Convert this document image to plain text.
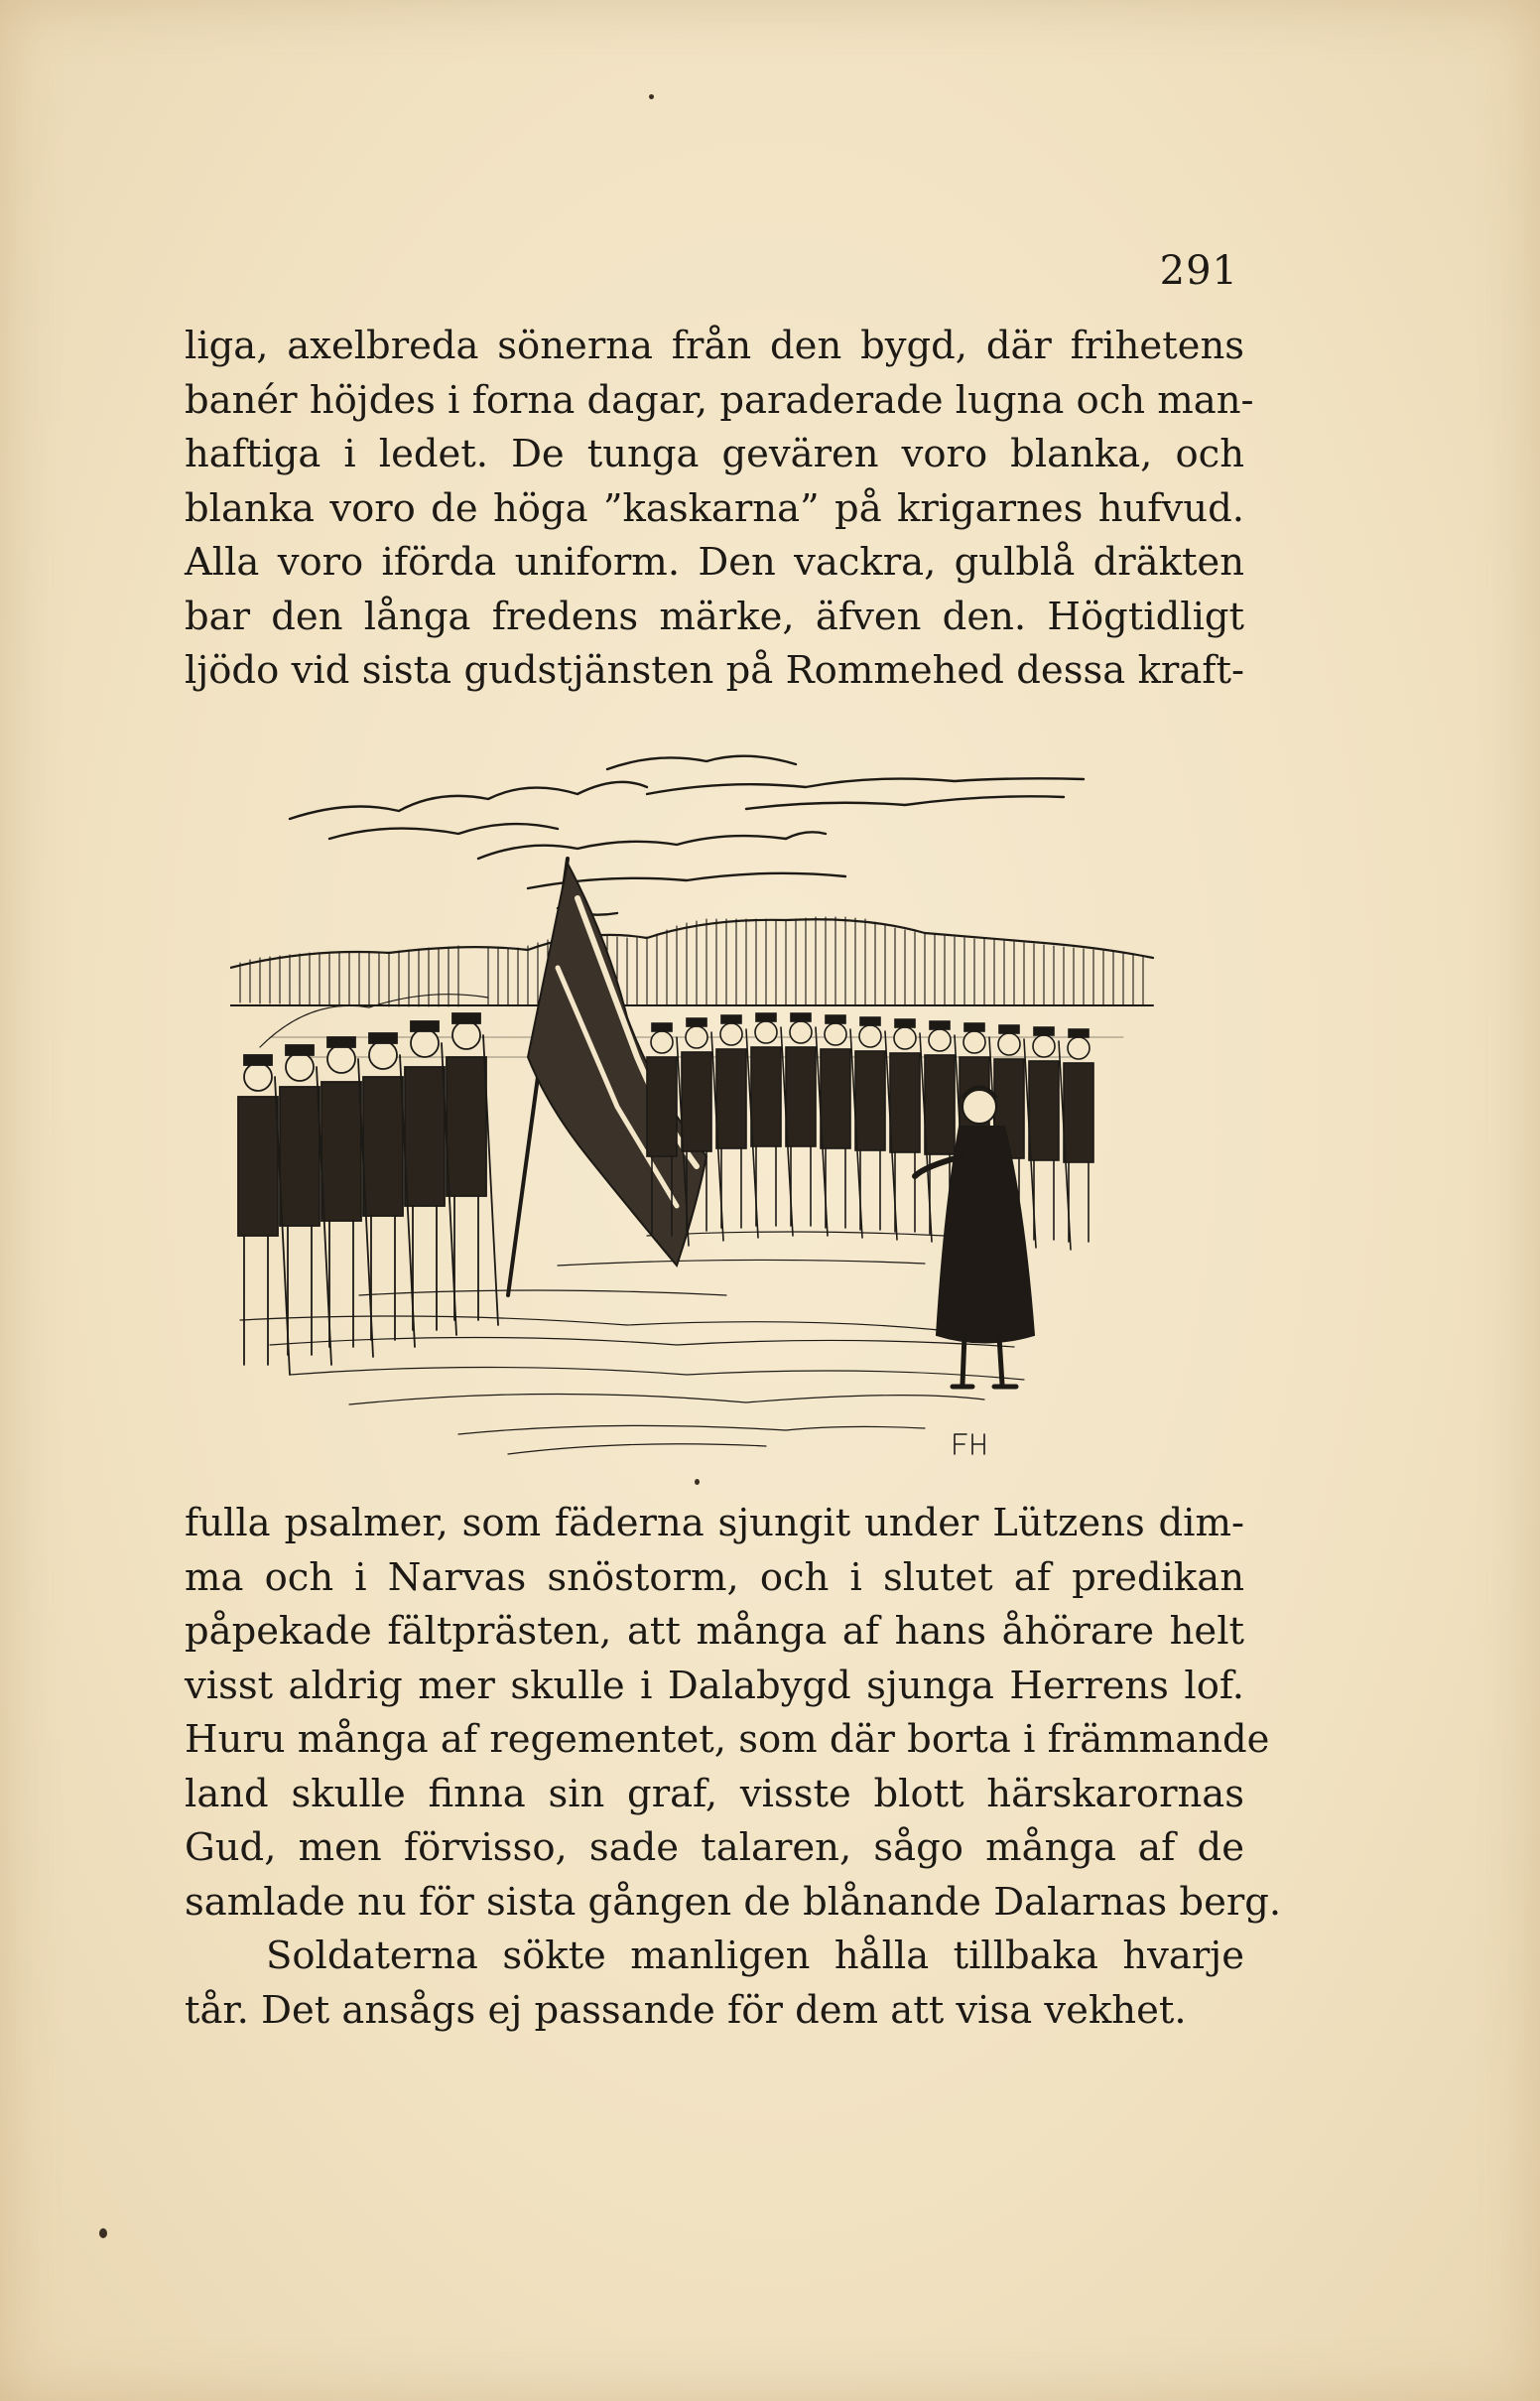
291
liga, axelbreda sönerna från den bygd, där frihetens
banér höjdes i forna dagar, paraderade lugna och man-
haftiga i ledet. De tunga gevären voro blanka, och
blanka voro de höga ”kaskarna” på krigarnes hufvud.
Alla voro iförda uniform. Den vackra, gulblå dräkten
bar den långa fredens märke, äfven den. Högtidligt
ljödo vid sista gudstjänsten på Rommehed dessa kraft-
fulla psalmer, som fäderna sjungit under Lützens dim-
ma och i Narvas snöstorm, och i slutet af predikan
påpekade fältprästen, att många af hans åhörare helt
visst aldrig mer skulle i Dalabygd sjunga Herrens lof.
Huru många af regementet, som där borta i främmande
land skulle finna sin graf, visste blott härskarornas
Gud, men förvisso, sade talaren, sågo många af de
samlade nu för sista gången de blånande Dalarnas berg.
Soldaterna sökte manligen hålla tillbaka hvarje
tår. Det ansågs ej passande för dem att visa vekhet.
